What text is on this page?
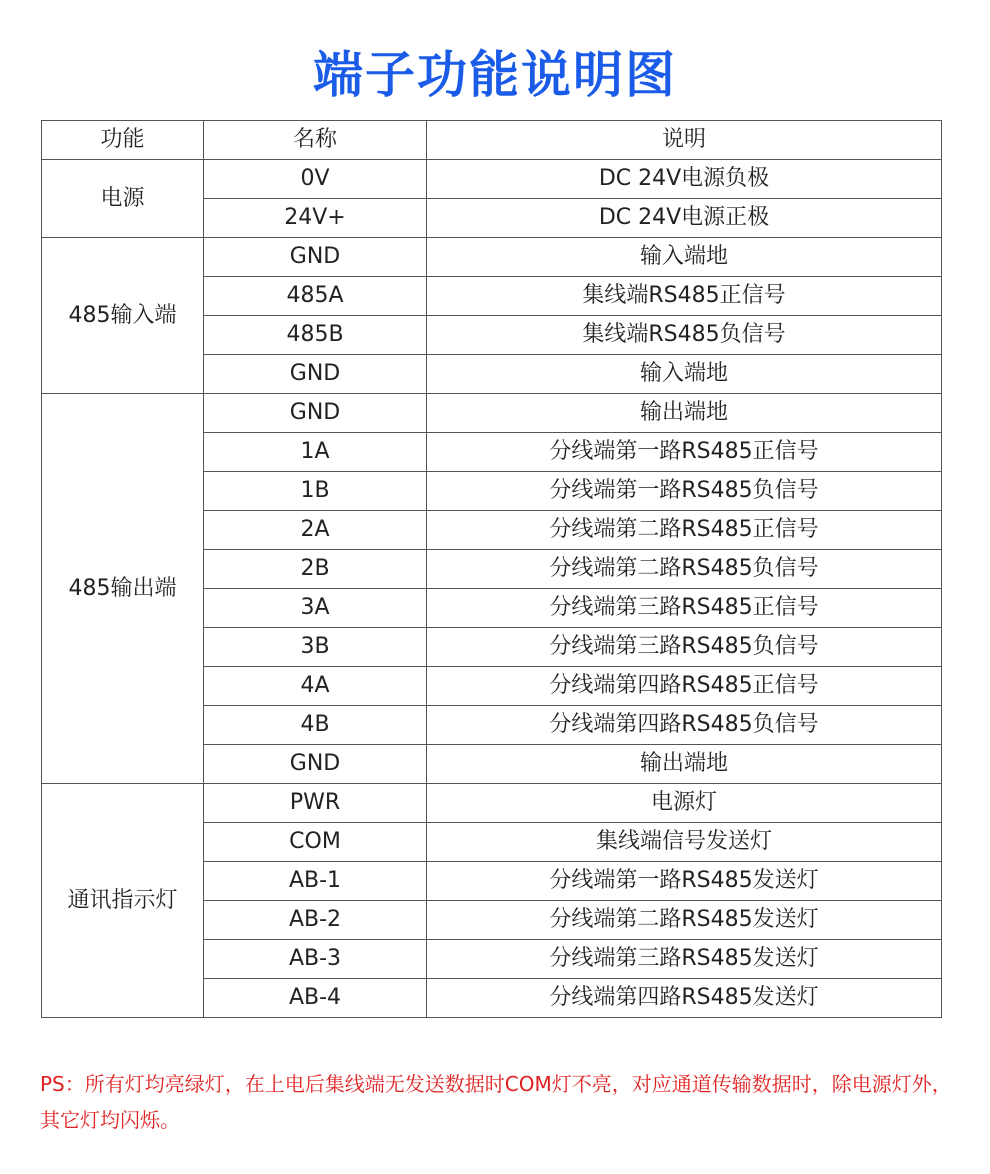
端子功能说明图
功能	名称	说明
电源	0V	DC 24V电源负极
	24V+	DC 24V电源正极
485输入端	GND	输入端地
	485A	集线端RS485正信号
	485B	集线端RS485负信号
	GND	输入端地
485输出端	GND	输出端地
	1A	分线端第一路RS485正信号
	1B	分线端第一路RS485负信号
	2A	分线端第二路RS485正信号
	2B	分线端第二路RS485负信号
	3A	分线端第三路RS485正信号
	3B	分线端第三路RS485负信号
	4A	分线端第四路RS485正信号
	4B	分线端第四路RS485负信号
	GND	输出端地
通讯指示灯	PWR	电源灯
	COM	集线端信号发送灯
	AB-1	分线端第一路RS485发送灯
	AB-2	分线端第二路RS485发送灯
	AB-3	分线端第三路RS485发送灯
	AB-4	分线端第四路RS485发送灯
PS：所有灯均亮绿灯，在上电后集线端无发送数据时COM灯不亮，对应通道传输数据时，除电源灯外，其它灯均闪烁。
